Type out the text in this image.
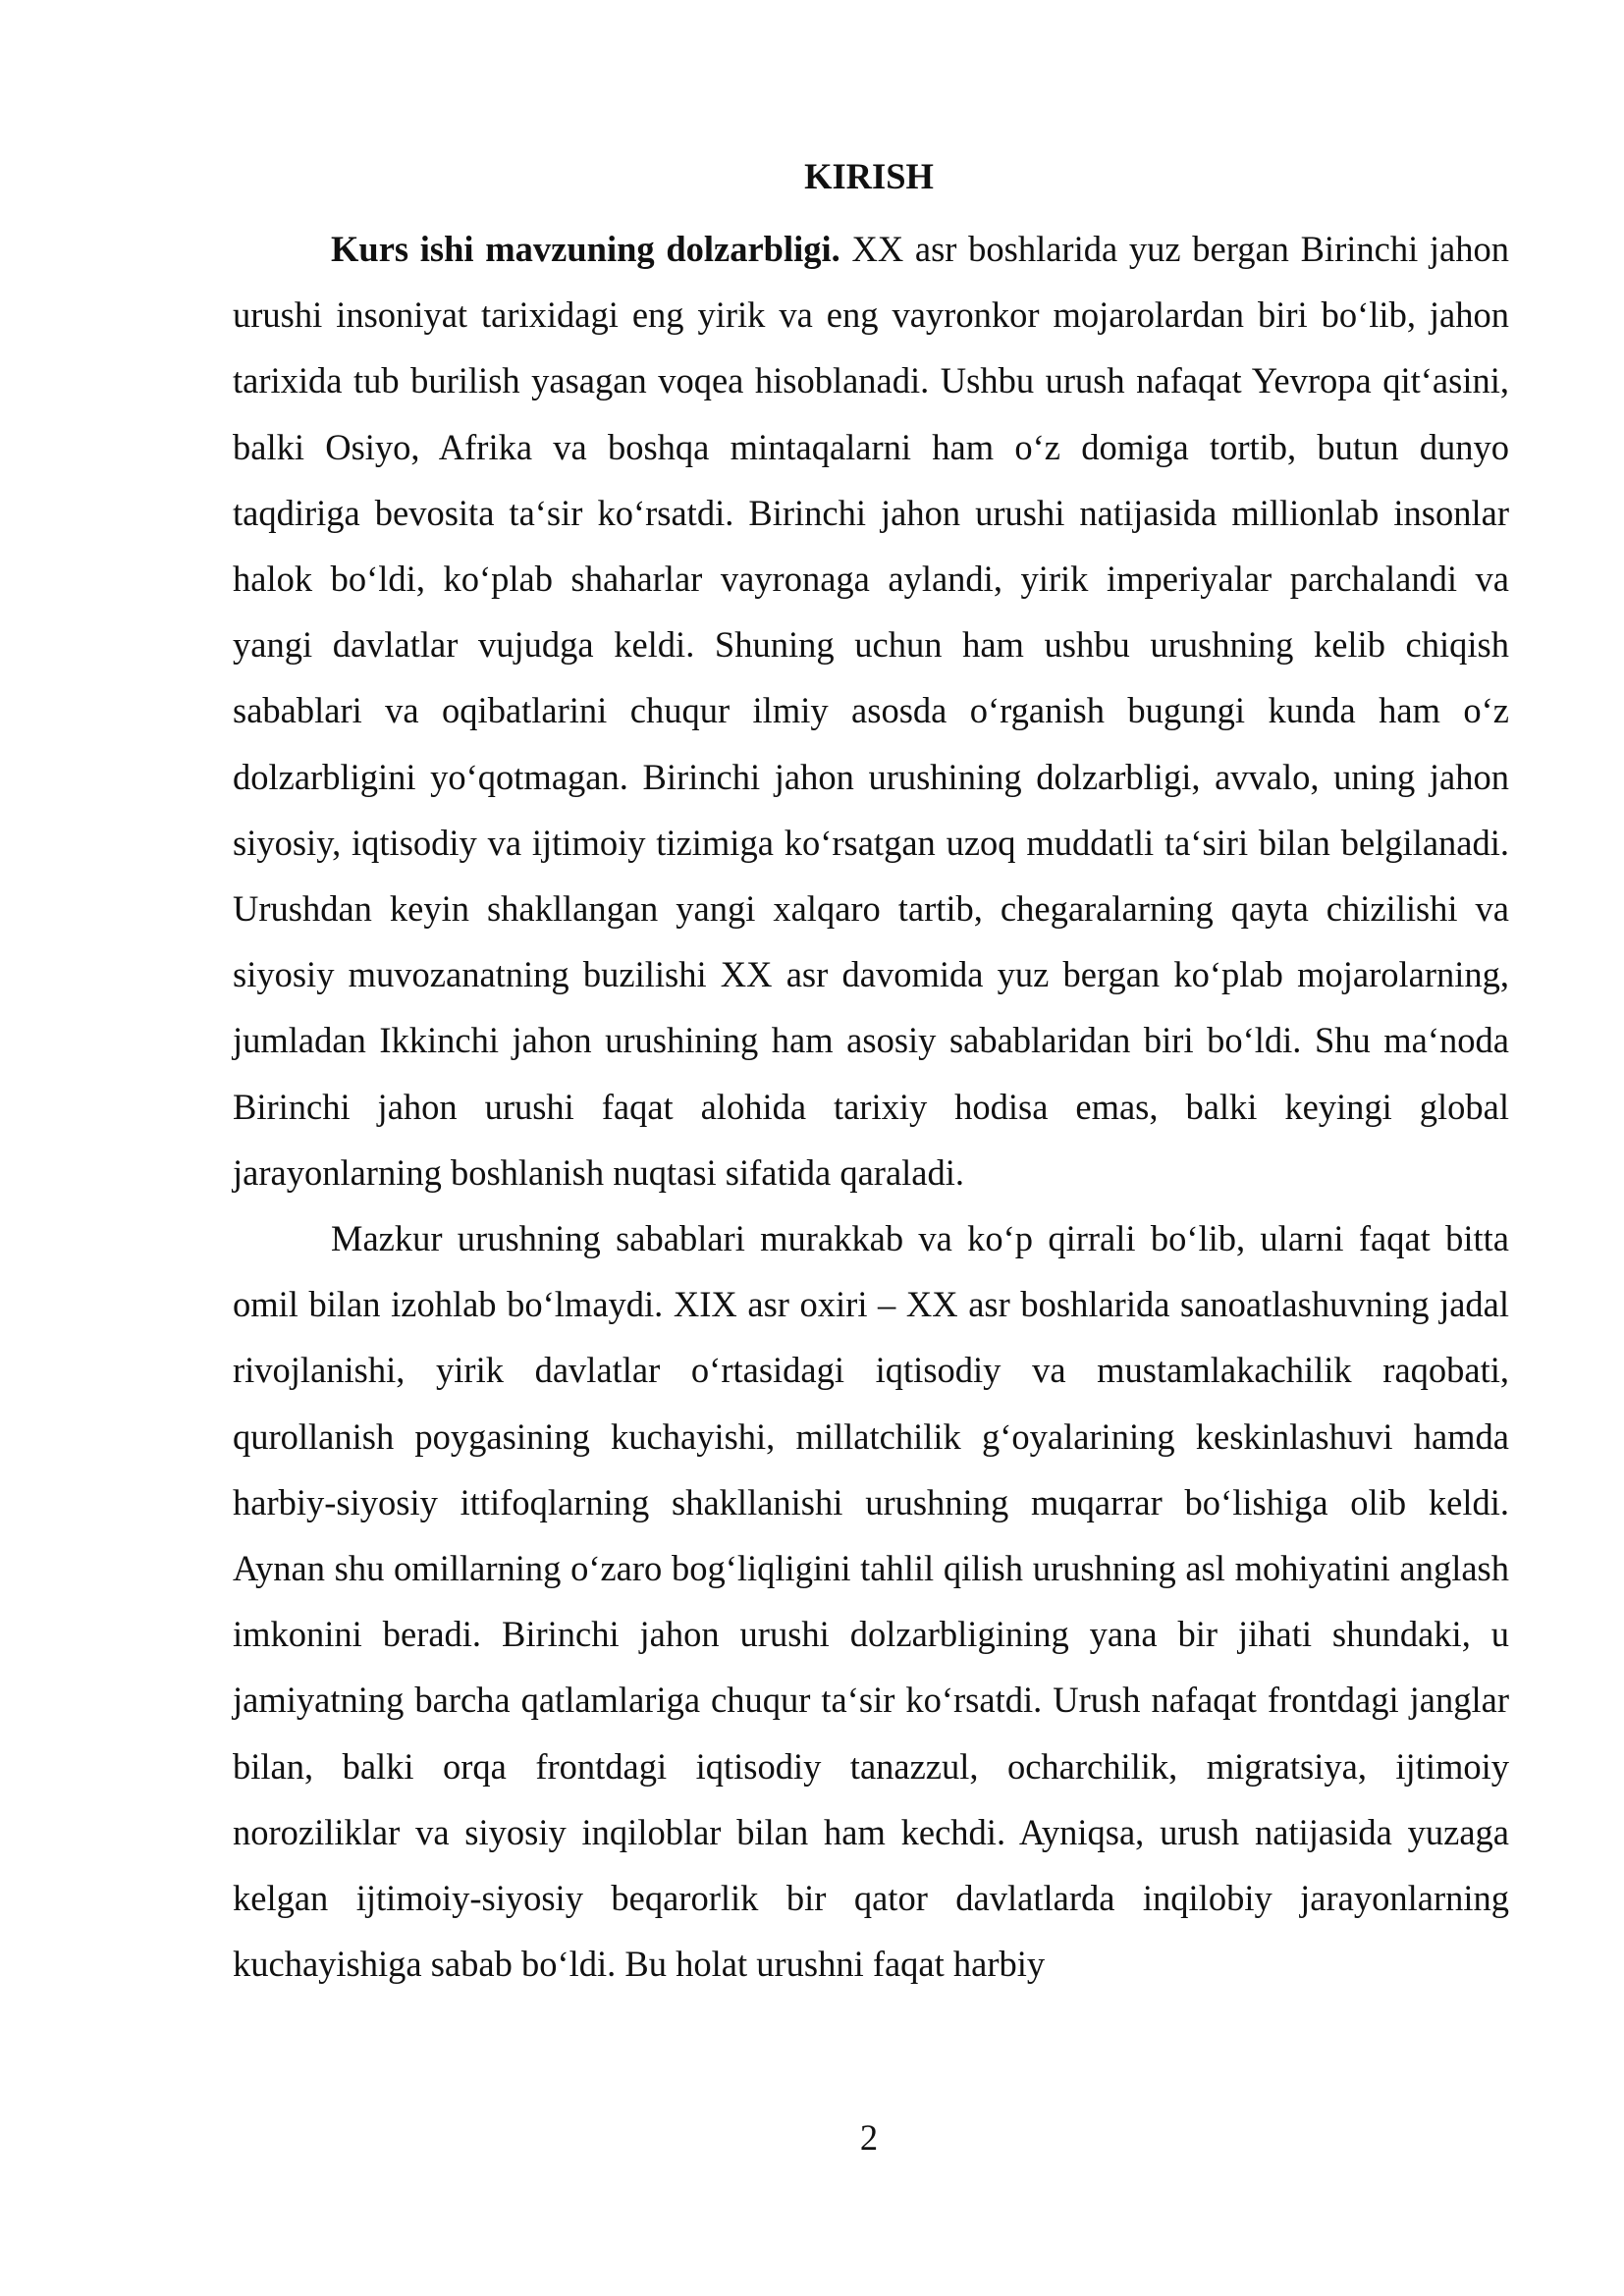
KIRISH

Kurs ishi mavzuning dolzarbligi. XX asr boshlarida yuz bergan Birinchi jahon urushi insoniyat tarixidagi eng yirik va eng vayronkor mojarolardan biri bo‘lib, jahon tarixida tub burilish yasagan voqea hisoblanadi. Ushbu urush nafaqat Yevropa qit‘asini, balki Osiyo, Afrika va boshqa mintaqalarni ham o‘z domiga tortib, butun dunyo taqdiriga bevosita ta‘sir ko‘rsatdi. Birinchi jahon urushi natijasida millionlab insonlar halok bo‘ldi, ko‘plab shaharlar vayronaga aylandi, yirik imperiyalar parchalandi va yangi davlatlar vujudga keldi. Shuning uchun ham ushbu urushning kelib chiqish sabablari va oqibatlarini chuqur ilmiy asosda o‘rganish bugungi kunda ham o‘z dolzarbligini yo‘qotmagan. Birinchi jahon urushining dolzarbligi, avvalo, uning jahon siyosiy, iqtisodiy va ijtimoiy tizimiga ko‘rsatgan uzoq muddatli ta‘siri bilan belgilanadi. Urushdan keyin shakllangan yangi xalqaro tartib, chegaralarning qayta chizilishi va siyosiy muvozanatning buzilishi XX asr davomida yuz bergan ko‘plab mojarolarning, jumladan Ikkinchi jahon urushining ham asosiy sabablaridan biri bo‘ldi. Shu ma‘noda Birinchi jahon urushi faqat alohida tarixiy hodisa emas, balki keyingi global jarayonlarning boshlanish nuqtasi sifatida qaraladi.

Mazkur urushning sabablari murakkab va ko‘p qirrali bo‘lib, ularni faqat bitta omil bilan izohlab bo‘lmaydi. XIX asr oxiri – XX asr boshlarida sanoatlashuvning jadal rivojlanishi, yirik davlatlar o‘rtasidagi iqtisodiy va mustamlakachilik raqobati, qurollanish poygasining kuchayishi, millatchilik g‘oyalarining keskinlashuvi hamda harbiy-siyosiy ittifoqlarning shakllanishi urushning muqarrar bo‘lishiga olib keldi. Aynan shu omillarning o‘zaro bog‘liqligini tahlil qilish urushning asl mohiyatini anglash imkonini beradi. Birinchi jahon urushi dolzarbligining yana bir jihati shundaki, u jamiyatning barcha qatlamlariga chuqur ta‘sir ko‘rsatdi. Urush nafaqat frontdagi janglar bilan, balki orqa frontdagi iqtisodiy tanazzul, ocharchilik, migratsiya, ijtimoiy noroziliklar va siyosiy inqiloblar bilan ham kechdi. Ayniqsa, urush natijasida yuzaga kelgan ijtimoiy-siyosiy beqarorlik bir qator davlatlarda inqilobiy jarayonlarning kuchayishiga sabab bo‘ldi. Bu holat urushni faqat harbiy

2
